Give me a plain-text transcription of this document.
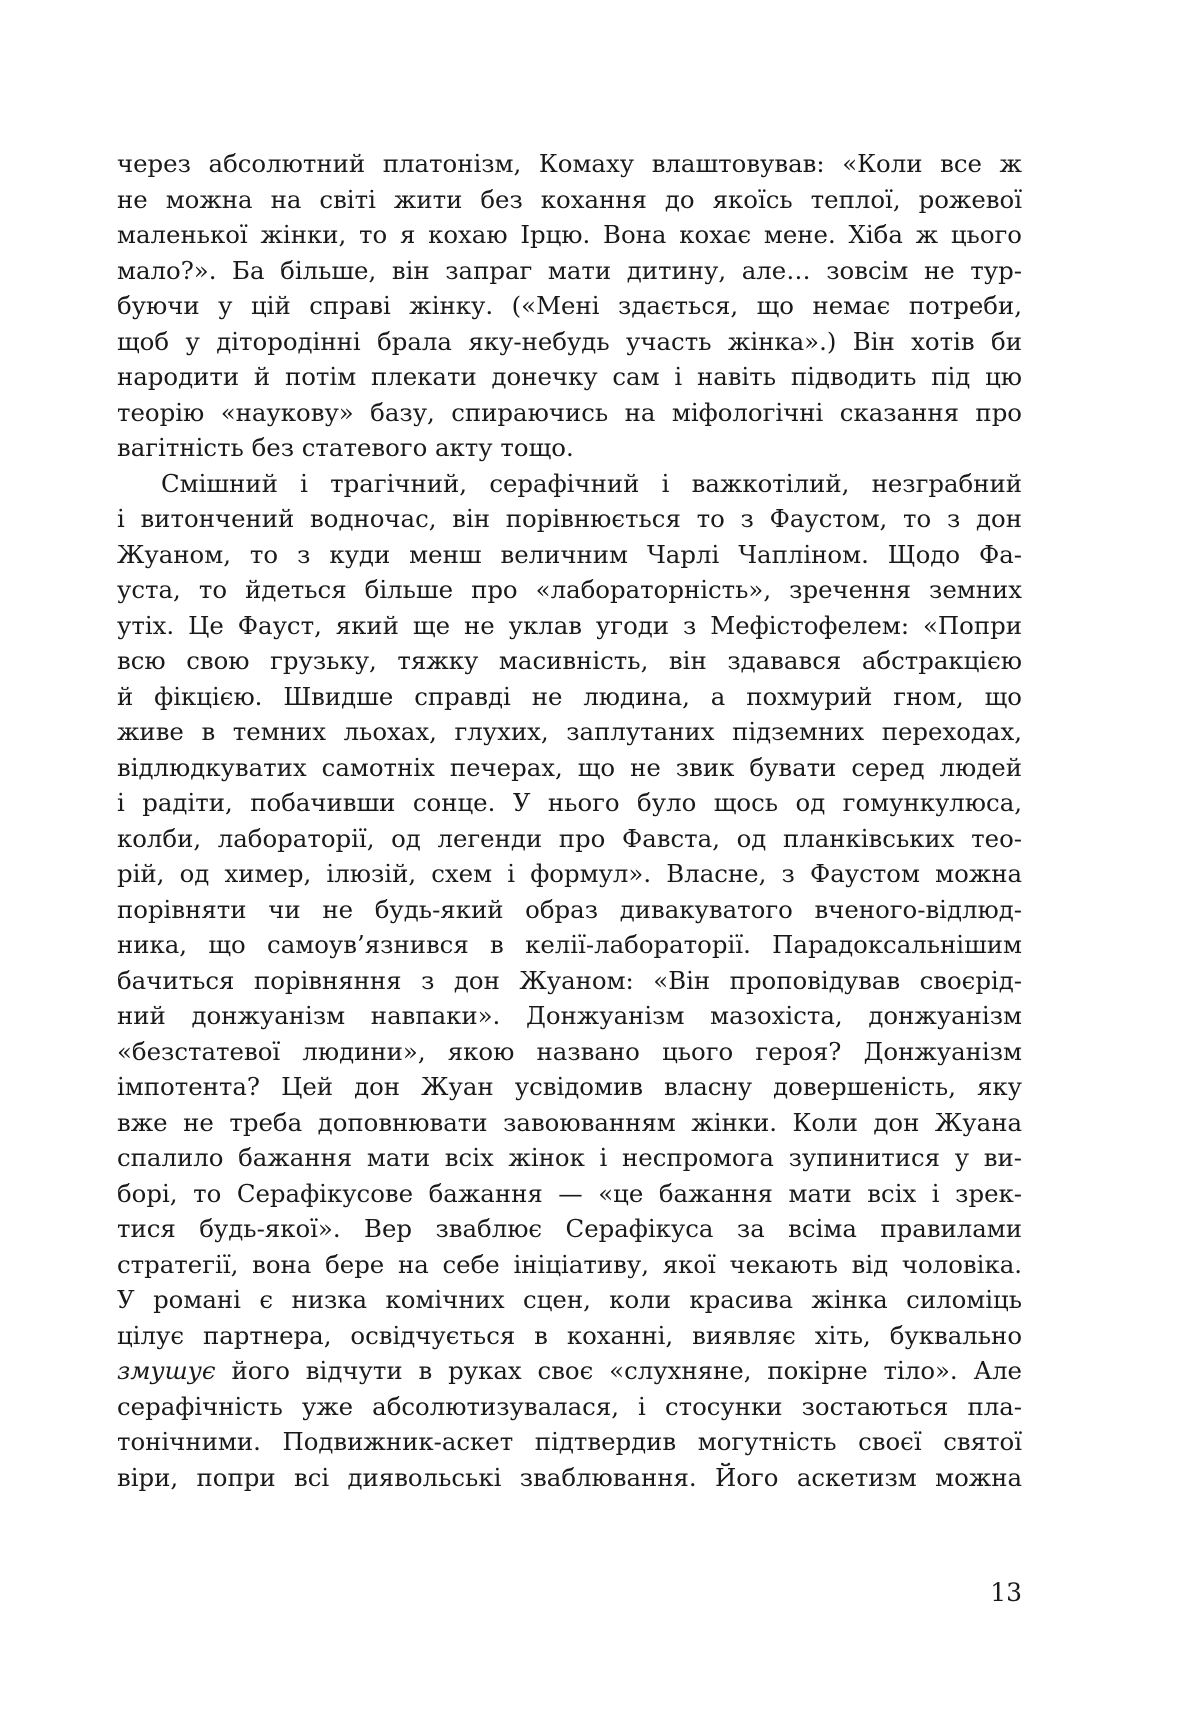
через абсолютний платонізм, Комаху влаштовував: «Коли все ж
не можна на світі жити без кохання до якоїсь теплої, рожевої
маленької жінки, то я кохаю Ірцю. Вона кохає мене. Хіба ж цього
мало?». Ба більше, він запраг мати дитину, але… зовсім не тур-
буючи у цій справі жінку. («Мені здається, що немає потреби,
щоб у дітородінні брала яку-небудь участь жінка».) Він хотів би
народити й потім плекати донечку сам і навіть підводить під цю
теорію «наукову» базу, спираючись на міфологічні сказання про
вагітність без статевого акту тощо.
Смішний і трагічний, серафічний і важкотілий, незграбний
і витончений водночас, він порівнюється то з Фаустом, то з дон
Жуаном, то з куди менш величним Чарлі Чапліном. Щодо Фа-
уста, то йдеться більше про «лабораторність», зречення земних
утіх. Це Фауст, який ще не уклав угоди з Мефістофелем: «Попри
всю свою грузьку, тяжку масивність, він здавався абстракцією
й фікцією. Швидше справді не людина, а похмурий гном, що
живе в темних льохах, глухих, заплутаних підземних переходах,
відлюдкуватих самотніх печерах, що не звик бувати серед людей
і радіти, побачивши сонце. У нього було щось од гомункулюса,
колби, лабораторії, од легенди про Фавста, од планківських тео-
рій, од химер, ілюзій, схем і формул». Власне, з Фаустом можна
порівняти чи не будь-який образ дивакуватого вченого-відлюд-
ника, що самоув’язнився в келії-лабораторії. Парадоксальнішим
бачиться порівняння з дон Жуаном: «Він проповідував своєрід-
ний донжуанізм навпаки». Донжуанізм мазохіста, донжуанізм
«безстатевої людини», якою названо цього героя? Донжуанізм
імпотента? Цей дон Жуан усвідомив власну довершеність, яку
вже не треба доповнювати завоюванням жінки. Коли дон Жуана
спалило бажання мати всіх жінок і неспромога зупинитися у ви-
борі, то Серафікусове бажання — «це бажання мати всіх і зрек-
тися будь-якої». Вер зваблює Серафікуса за всіма правилами
стратегії, вона бере на себе ініціативу, якої чекають від чоловіка.
У романі є низка комічних сцен, коли красива жінка силоміць
цілує партнера, освідчується в коханні, виявляє хіть, буквально
змушує його відчути в руках своє «слухняне, покірне тіло». Але
серафічність уже абсолютизувалася, і стосунки зостаються пла-
тонічними. Подвижник-аскет підтвердив могутність своєї святої
віри, попри всі диявольські зваблювання. Його аскетизм можна
13
